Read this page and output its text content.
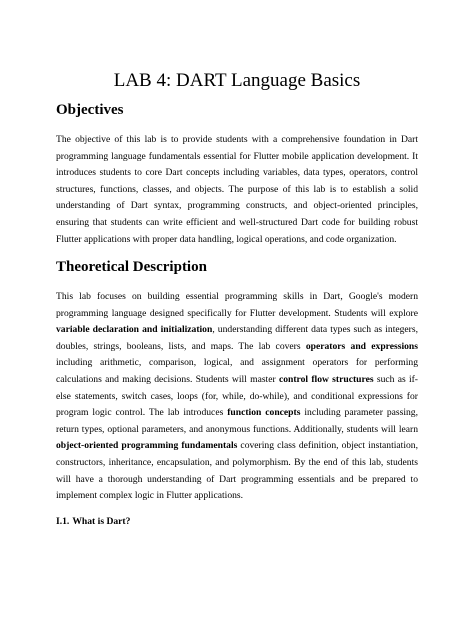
LAB 4: DART Language Basics
Objectives

The objective of this lab is to provide students with a comprehensive foundation in Dart programming language fundamentals essential for Flutter mobile application development. It introduces students to core Dart concepts including variables, data types, operators, control structures, functions, classes, and objects. The purpose of this lab is to establish a solid understanding of Dart syntax, programming constructs, and object-oriented principles, ensuring that students can write efficient and well-structured Dart code for building robust Flutter applications with proper data handling, logical operations, and code organization.

Theoretical Description

This lab focuses on building essential programming skills in Dart, Google's modern programming language designed specifically for Flutter development. Students will explore variable declaration and initialization, understanding different data types such as integers, doubles, strings, booleans, lists, and maps. The lab covers operators and expressions including arithmetic, comparison, logical, and assignment operators for performing calculations and making decisions. Students will master control flow structures such as if-else statements, switch cases, loops (for, while, do-while), and conditional expressions for program logic control. The lab introduces function concepts including parameter passing, return types, optional parameters, and anonymous functions. Additionally, students will learn object-oriented programming fundamentals covering class definition, object instantiation, constructors, inheritance, encapsulation, and polymorphism. By the end of this lab, students will have a thorough understanding of Dart programming essentials and be prepared to implement complex logic in Flutter applications.

I.1. What is Dart?
